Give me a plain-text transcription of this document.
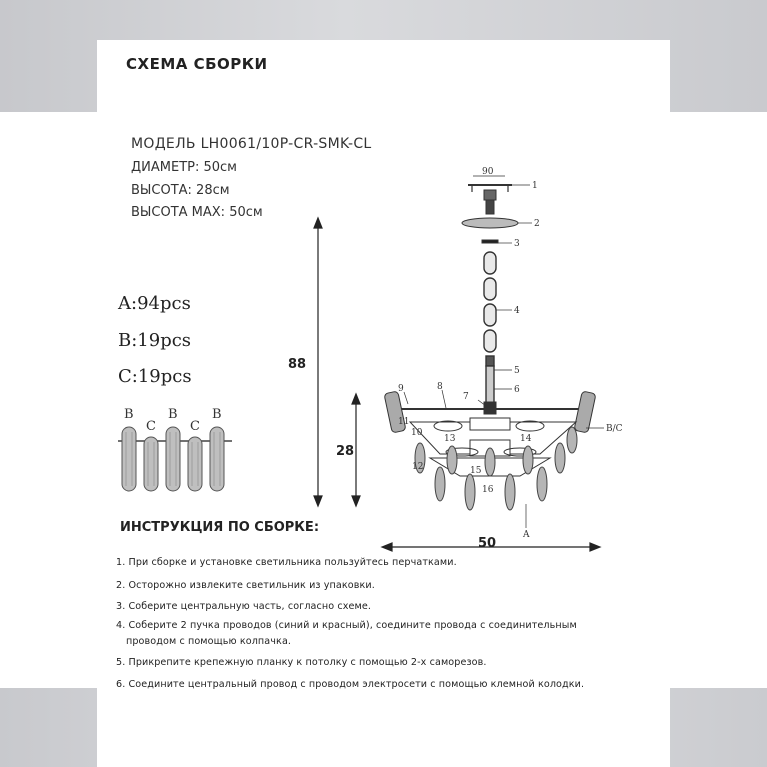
СХЕМА СБОРКИ
МОДЕЛЬ LH0061/10P-CR-SMK-CL
ДИАМЕТР: 50см
ВЫСОТА: 28см
ВЫСОТА МАХ: 50см
A:94pcs
B:19pcs
C:19pcs
B
C
B
C
B
88
28
50
90
1
2
3
4
5
6
7
8
9
10
11
12
13	14
15
16
B/C
A
ИНСТРУКЦИЯ ПО СБОРКЕ:
1. При сборке и установке светильника пользуйтесь перчатками.
2. Осторожно извлеките светильник из упаковки.
3. Соберите центральную часть, согласно схеме.
4. Соберите 2 пучка проводов (синий и красный), соедините провода с соединительным
проводом с помощью колпачка.
5. Прикрепите крепежную планку к потолку с помощью 2-х саморезов.
6. Соедините центральный провод с проводом электросети с помощью клемной колодки.
СЕМЬОГНЕЙ
